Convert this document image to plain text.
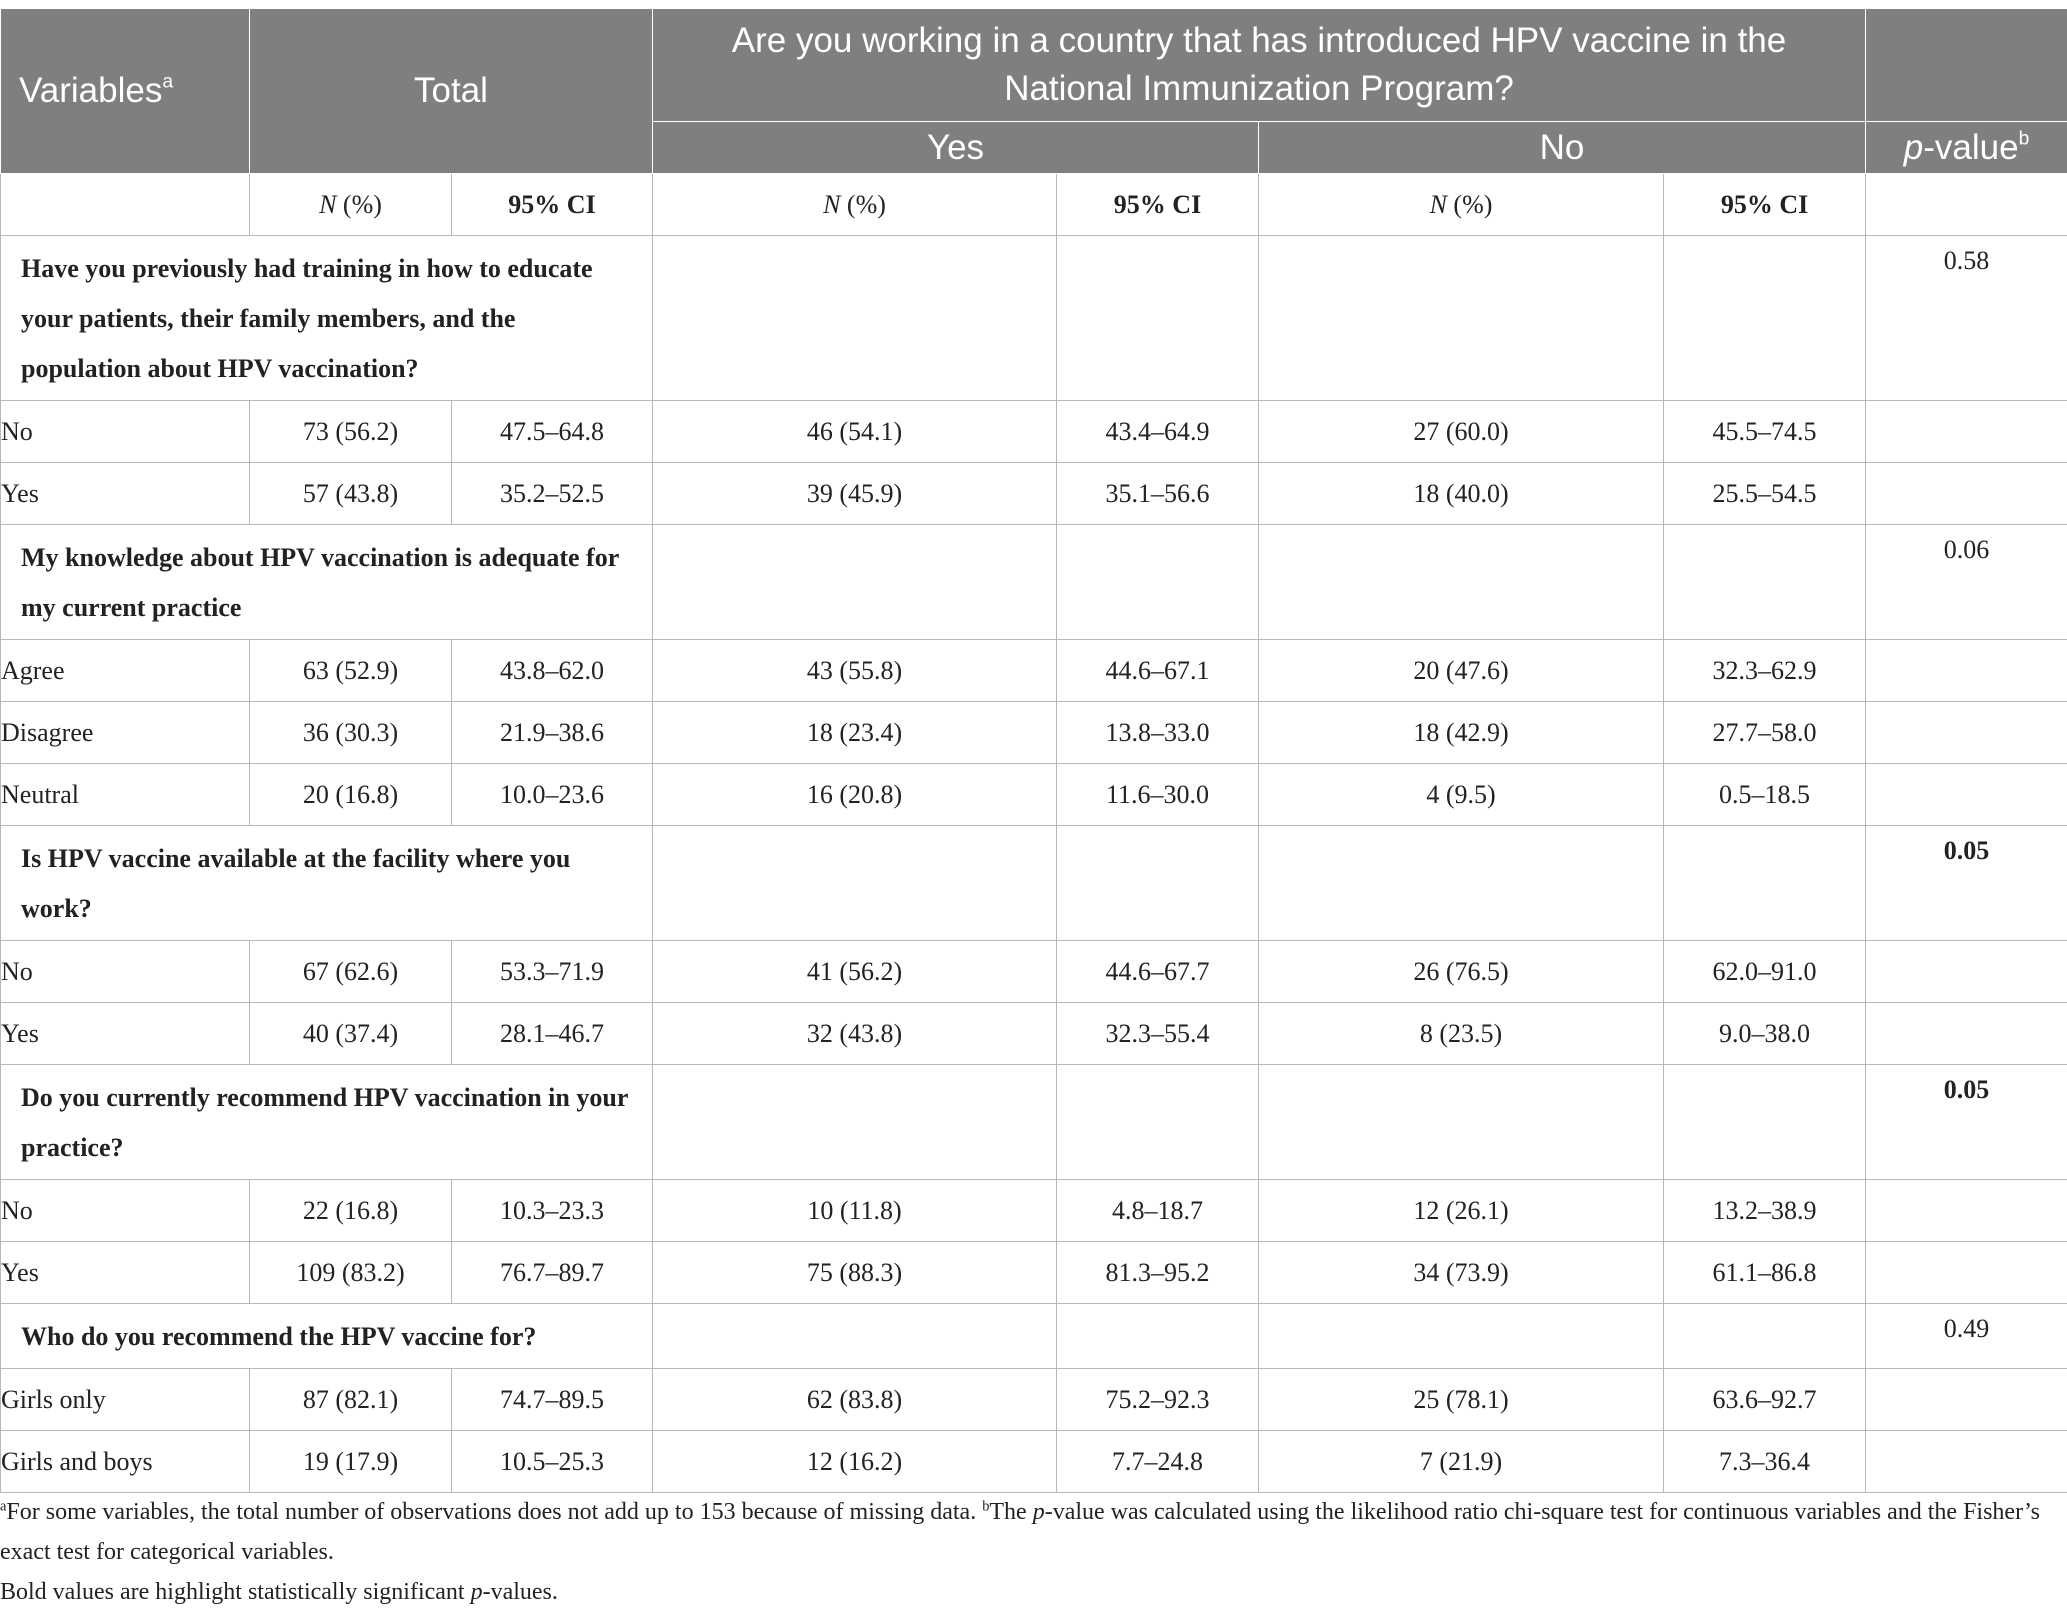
Variables$^a$	Total		Are you working in a country that has introduced HPV vaccine in the National Immunization Program?				
			Yes		No		p-value$^b$
	N (%)	95% CI	N (%)	95% CI	N (%)	95% CI	
Have you previously had training in how to educate your patients, their family members, and the population about HPV vaccination?							0.58
No	73 (56.2)	47.5–64.8	46 (54.1)	43.4–64.9	27 (60.0)	45.5–74.5	
Yes	57 (43.8)	35.2–52.5	39 (45.9)	35.1–56.6	18 (40.0)	25.5–54.5	
My knowledge about HPV vaccination is adequate for my current practice							0.06
Agree	63 (52.9)	43.8–62.0	43 (55.8)	44.6–67.1	20 (47.6)	32.3–62.9	
Disagree	36 (30.3)	21.9–38.6	18 (23.4)	13.8–33.0	18 (42.9)	27.7–58.0	
Neutral	20 (16.8)	10.0–23.6	16 (20.8)	11.6–30.0	4 (9.5)	0.5–18.5	
Is HPV vaccine available at the facility where you work?							0.05
No	67 (62.6)	53.3–71.9	41 (56.2)	44.6–67.7	26 (76.5)	62.0–91.0	
Yes	40 (37.4)	28.1–46.7	32 (43.8)	32.3–55.4	8 (23.5)	9.0–38.0	
Do you currently recommend HPV vaccination in your practice?							0.05
No	22 (16.8)	10.3–23.3	10 (11.8)	4.8–18.7	12 (26.1)	13.2–38.9	
Yes	109 (83.2)	76.7–89.7	75 (88.3)	81.3–95.2	34 (73.9)	61.1–86.8	
Who do you recommend the HPV vaccine for?							0.49
Girls only	87 (82.1)	74.7–89.5	62 (83.8)	75.2–92.3	25 (78.1)	63.6–92.7	
Girls and boys	19 (17.9)	10.5–25.3	12 (16.2)	7.7–24.8	7 (21.9)	7.3–36.4	

$^a$For some variables, the total number of observations does not add up to 153 because of missing data. $^b$The p-value was calculated using the likelihood ratio chi-square test for continuous variables and the Fisher’s exact test for categorical variables.

Bold values are highlight statistically significant p-values.
